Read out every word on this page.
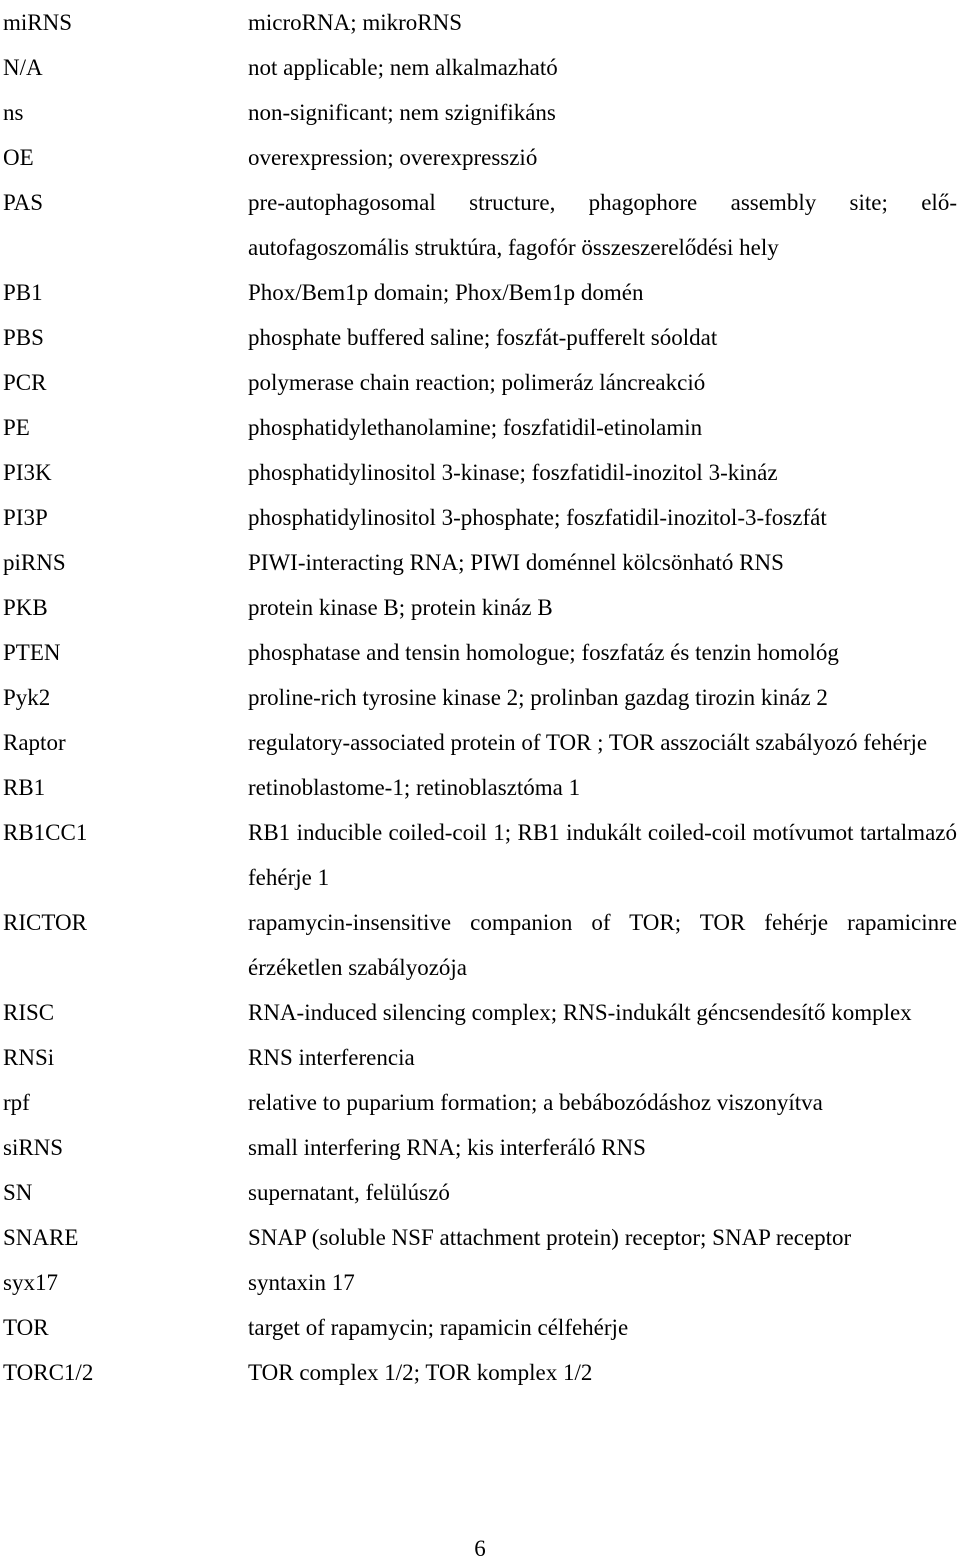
miRNS	microRNA; mikroRNS
N/A	not applicable; nem alkalmazható
ns	non-significant; nem szignifikáns
OE	overexpression; overexpresszió
PAS	pre-autophagosomal structure, phagophore assembly site; elő-autofagoszomális struktúra, fagofór összeszerelődési hely
PB1	Phox/Bem1p domain; Phox/Bem1p domén
PBS	phosphate buffered saline; foszfát-pufferelt sóoldat
PCR	polymerase chain reaction; polimeráz láncreakció
PE	phosphatidylethanolamine; foszfatidil-etinolamin
PI3K	phosphatidylinositol 3-kinase; foszfatidil-inozitol 3-kináz
PI3P	phosphatidylinositol 3-phosphate; foszfatidil-inozitol-3-foszfát
piRNS	PIWI-interacting RNA; PIWI doménnel kölcsönható RNS
PKB	protein kinase B; protein kináz B
PTEN	phosphatase and tensin homologue; foszfatáz és tenzin homológ
Pyk2	proline-rich tyrosine kinase 2; prolinban gazdag tirozin kináz 2
Raptor	regulatory-associated protein of TOR ; TOR asszociált szabályozó fehérje
RB1	retinoblastome-1; retinoblasztóma 1
RB1CC1	RB1 inducible coiled-coil 1; RB1 indukált coiled-coil motívumot tartalmazó fehérje 1
RICTOR	rapamycin-insensitive companion of TOR; TOR fehérje rapamicinre érzéketlen szabályozója
RISC	RNA-induced silencing complex; RNS-indukált géncsendesítő komplex
RNSi	RNS interferencia
rpf	relative to puparium formation; a bebábozódáshoz viszonyítva
siRNS	small interfering RNA; kis interferáló RNS
SN	supernatant, felülúszó
SNARE	SNAP (soluble NSF attachment protein) receptor; SNAP receptor
syx17	syntaxin 17
TOR	target of rapamycin; rapamicin célfehérje
TORC1/2	TOR complex 1/2; TOR komplex 1/2
6
